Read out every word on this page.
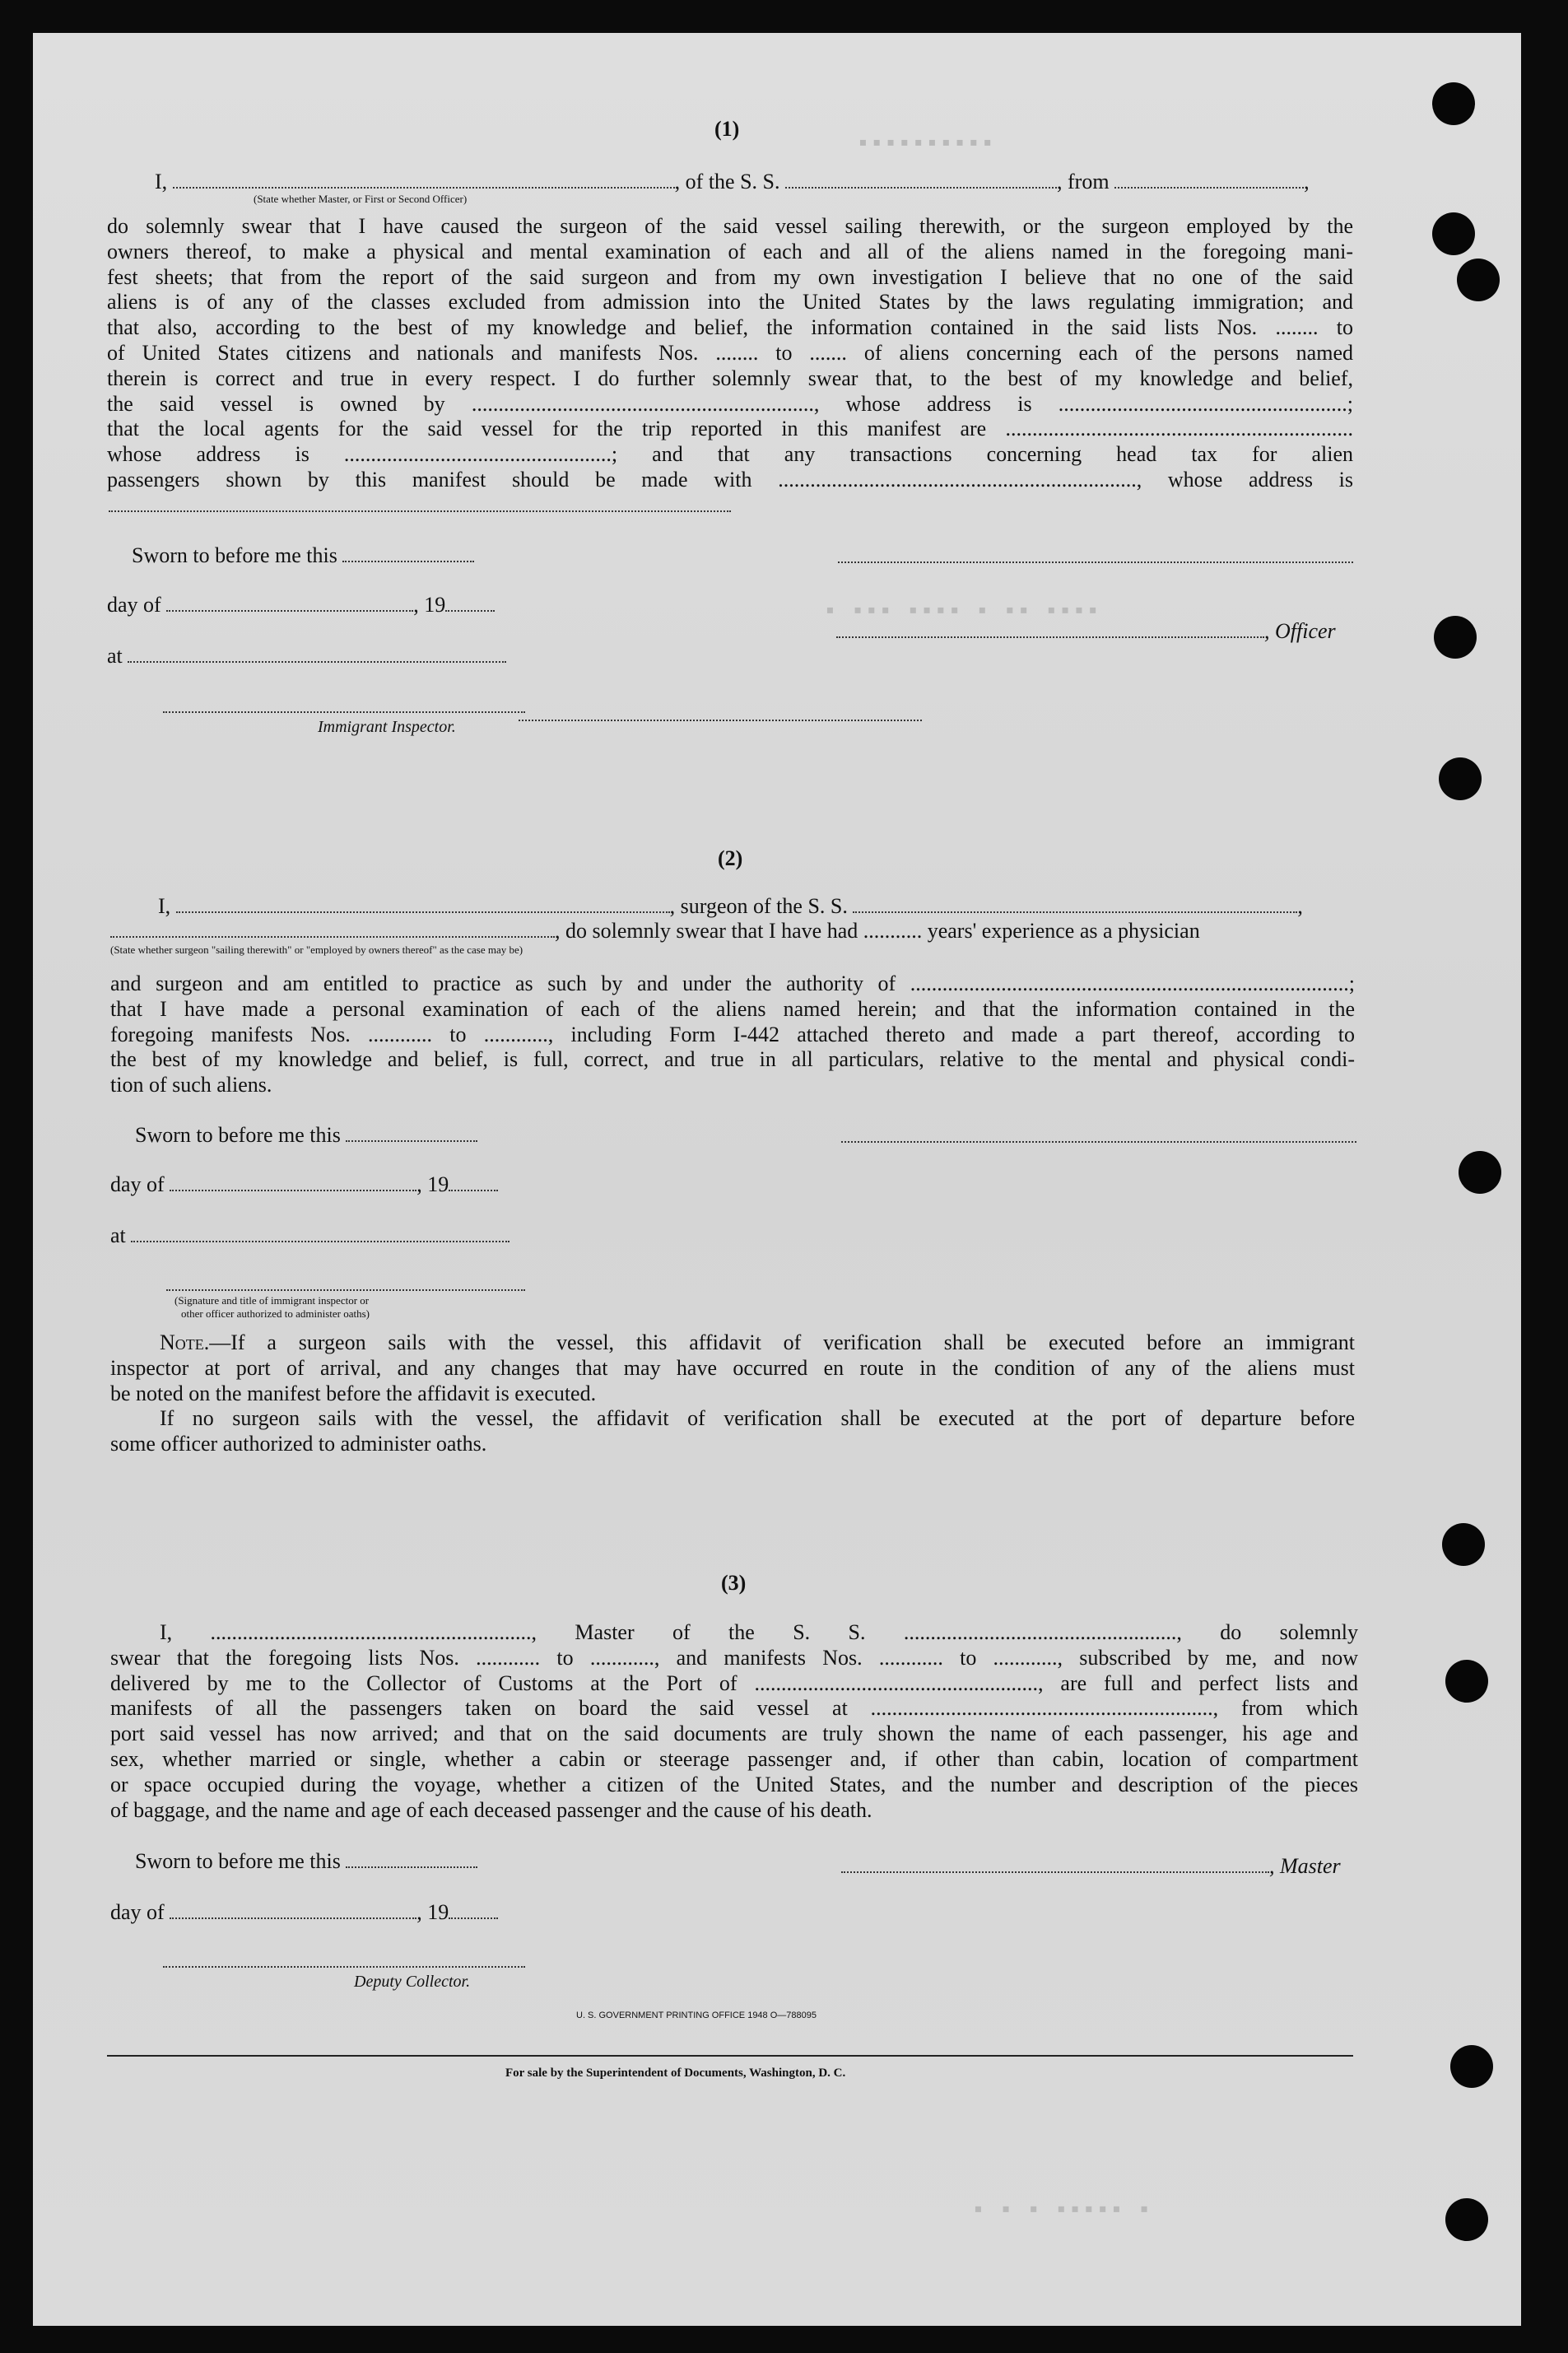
▪▪▪▪▪▪▪▪▪▪
▪ ▪▪▪ ▪▪▪▪ ▪ ▪▪ ▪▪▪▪
▪ ▪ ▪ ▪▪▪▪▪ ▪
(1)
I,	, of the S. S.	, from	,
(State whether Master, or First or Second Officer)
do solemnly swear that I have caused the surgeon of the said vessel sailing therewith, or the surgeon employed by the
owners thereof, to make a physical and mental examination of each and all of the aliens named in the foregoing mani-
fest sheets; that from the report of the said surgeon and from my own investigation I believe that no one of the said
aliens is of any of the classes excluded from admission into the United States by the laws regulating immigration; and
that also, according to the best of my knowledge and belief, the information contained in the said lists Nos. ........ to
of United States citizens and nationals and manifests Nos. ........ to ....... of aliens concerning each of the persons named
therein is correct and true in every respect. I do further solemnly swear that, to the best of my knowledge and belief,
the said vessel is owned by ................................................................, whose address is ......................................................;
that the local agents for the said vessel for the trip reported in this manifest are .................................................................
whose address is ..................................................; and that any transactions concerning head tax for alien
passengers shown by this manifest should be made with ..................................................................., whose address is
Sworn to before me this
day of	, 19
, Officer
at
Immigrant Inspector.
(2)
I,	, surgeon of the S. S.	,
, do solemnly swear that I have had ........... years' experience as a physician
(State whether surgeon "sailing therewith" or "employed by owners thereof" as the case may be)
and surgeon and am entitled to practice as such by and under the authority of ..................................................................................;
that I have made a personal examination of each of the aliens named herein; and that the information contained in the
foregoing manifests Nos. ............ to ............, including Form I-442 attached thereto and made a part thereof, according to
the best of my knowledge and belief, is full, correct, and true in all particulars, relative to the mental and physical condi-
tion of such aliens.
Sworn to before me this
day of	, 19
at
(Signature and title of immigrant inspector or
other officer authorized to administer oaths)
Note.—If a surgeon sails with the vessel, this affidavit of verification shall be executed before an immigrant
inspector at port of arrival, and any changes that may have occurred en route in the condition of any of the aliens must
be noted on the manifest before the affidavit is executed.
If no surgeon sails with the vessel, the affidavit of verification shall be executed at the port of departure before
some officer authorized to administer oaths.
(3)
I, ............................................................, Master of the S. S. ..................................................., do solemnly
swear that the foregoing lists Nos. ............ to ............, and manifests Nos. ............ to ............, subscribed by me, and now
delivered by me to the Collector of Customs at the Port of ....................................................., are full and perfect lists and
manifests of all the passengers taken on board the said vessel at ................................................................, from which
port said vessel has now arrived; and that on the said documents are truly shown the name of each passenger, his age and
sex, whether married or single, whether a cabin or steerage passenger and, if other than cabin, location of compartment
or space occupied during the voyage, whether a citizen of the United States, and the number and description of the pieces
of baggage, and the name and age of each deceased passenger and the cause of his death.
Sworn to before me this	, Master
day of	, 19
Deputy Collector.
U. S. GOVERNMENT PRINTING OFFICE 1948 O—788095
For sale by the Superintendent of Documents, Washington, D. C.
